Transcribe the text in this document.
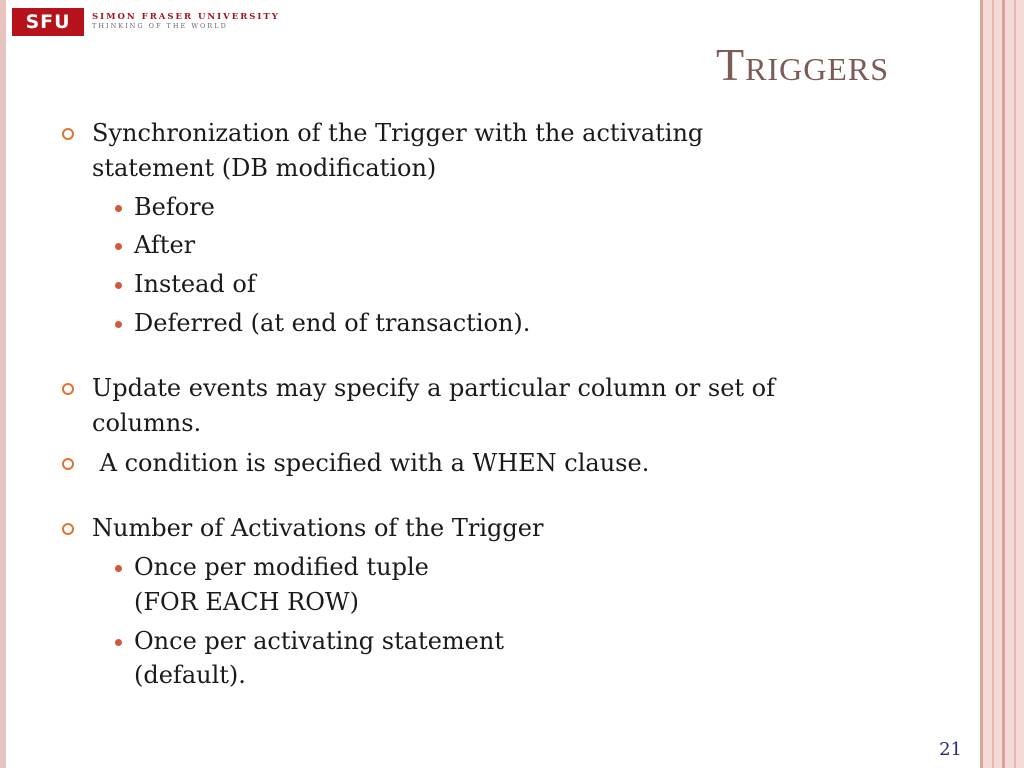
SFU	SIMON FRASER UNIVERSITY
THINKING OF THE WORLD
Triggers
Synchronization of the Trigger with the activating
statement (DB modification)
Before
After
Instead of
Deferred (at end of transaction).
Update events may specify a particular column or set of
columns.
A condition is specified with a WHEN clause.
Number of Activations of the Trigger
Once per modified tuple
(FOR EACH ROW)
Once per activating statement
(default).
21
